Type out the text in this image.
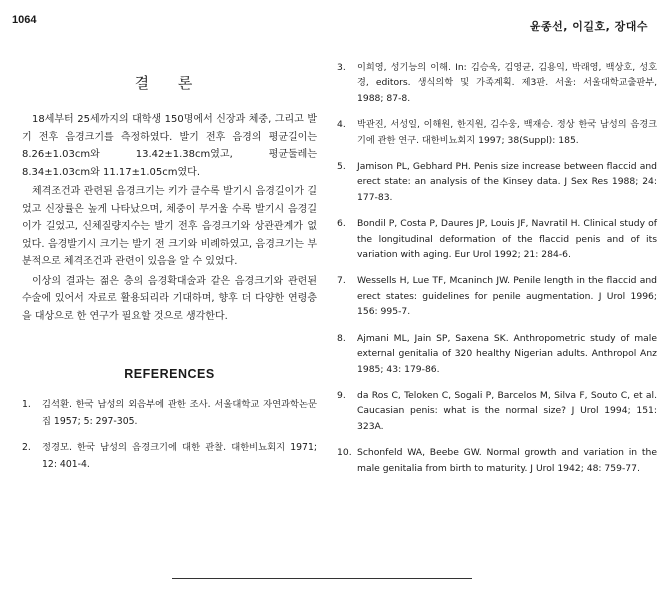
1064	윤종선, 이길호, 장대수
결 론

18세부터 25세까지의 대학생 150명에서 신장과 체중, 그리고 발기 전후 음경크기를 측정하였다. 발기 전후 음경의 평균길이는 8.26±1.03cm와 13.42±1.38cm였고, 평균둘레는 8.34±1.03cm와 11.17±1.05cm였다.

체격조건과 관련된 음경크기는 키가 클수록 발기시 음경길이가 길었고 신장률은 높게 나타났으며, 체중이 무거울 수록 발기시 음경길이가 길었고, 신체질량지수는 발기 전후 음경크기와 상관관계가 없었다. 음경발기시 크기는 발기 전 크기와 비례하였고, 음경크기는 부분적으로 체격조건과 관련이 있음을 알 수 있었다.

이상의 결과는 젊은 층의 음경확대술과 같은 음경크기와 관련된 수술에 있어서 자료로 활용되리라 기대하며, 향후 더 다양한 연령층을 대상으로 한 연구가 필요할 것으로 생각한다.

REFERENCES
1.	김석환. 한국 남성의 외음부에 관한 조사. 서울대학교 자연과학논문집 1957; 5: 297-305.
2.	정경모. 한국 남성의 음경크기에 대한 관찰. 대한비뇨회지 1971; 12: 401-4.
3.	이희영, 성기능의 이해. In: 김승욱, 김영균, 김용익, 박래영, 백상호, 성호경, editors. 생식의학 및 가족계획. 제3판. 서울: 서울대학교출판부, 1988; 87-8.
4.	박관진, 서성일, 이해원, 한지원, 김수웅, 백재승. 정상 한국 남성의 음경크기에 관한 연구. 대한비뇨회지 1997; 38(Suppl): 185.
5.	Jamison PL, Gebhard PH. Penis size increase between flaccid and erect state: an analysis of the Kinsey data. J Sex Res 1988; 24: 177-83.
6.	Bondil P, Costa P, Daures JP, Louis JF, Navratil H. Clinical study of the longitudinal deformation of the flaccid penis and of its variation with aging. Eur Urol 1992; 21: 284-6.
7.	Wessells H, Lue TF, Mcaninch JW. Penile length in the flaccid and erect states: guidelines for penile augmentation. J Urol 1996; 156: 995-7.
8.	Ajmani ML, Jain SP, Saxena SK. Anthropometric study of male external genitalia of 320 healthy Nigerian adults. Anthropol Anz 1985; 43: 179-86.
9.	da Ros C, Teloken C, Sogali P, Barcelos M, Silva F, Souto C, et al. Caucasian penis: what is the normal size? J Urol 1994; 151: 323A.
10. Schonfeld WA, Beebe GW. Normal growth and variation in the male genitalia from birth to maturity. J Urol 1942; 48: 759-77.
